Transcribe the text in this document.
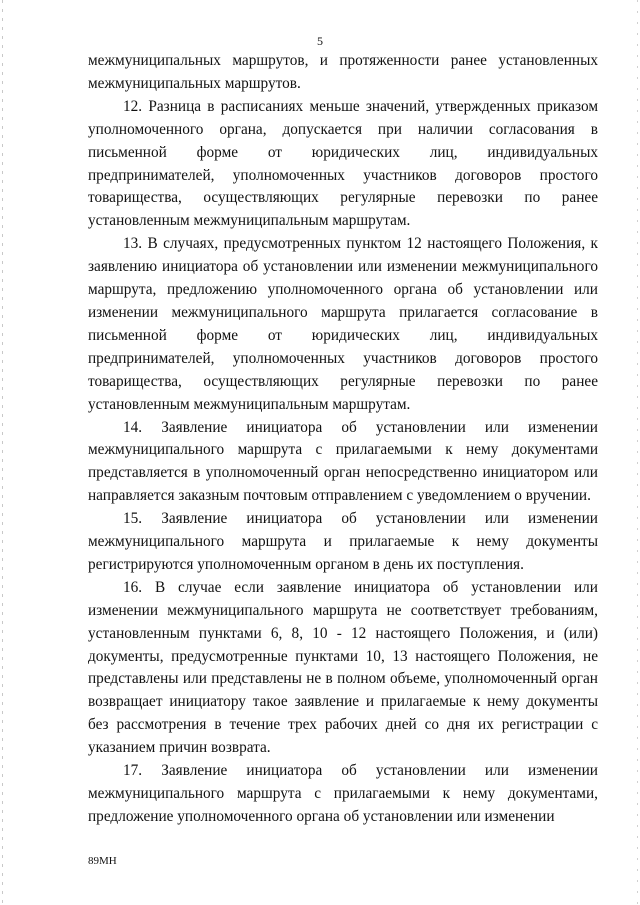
5

межмуниципальных маршрутов, и протяженности ранее установленных межмуниципальных маршрутов.

12. Разница в расписаниях меньше значений, утвержденных приказом уполномоченного органа, допускается при наличии согласования в письменной форме от юридических лиц, индивидуальных предпринимателей, уполномоченных участников договоров простого товарищества, осуществляющих регулярные перевозки по ранее установленным межмуниципальным маршрутам.

13. В случаях, предусмотренных пунктом 12 настоящего Положения, к заявлению инициатора об установлении или изменении межмуниципального маршрута, предложению уполномоченного органа об установлении или изменении межмуниципального маршрута прилагается согласование в письменной форме от юридических лиц, индивидуальных предпринимателей, уполномоченных участников договоров простого товарищества, осуществляющих регулярные перевозки по ранее установленным межмуниципальным маршрутам.

14. Заявление инициатора об установлении или изменении межмуниципального маршрута с прилагаемыми к нему документами представляется в уполномоченный орган непосредственно инициатором или направляется заказным почтовым отправлением с уведомлением о вручении.

15. Заявление инициатора об установлении или изменении межмуниципального маршрута и прилагаемые к нему документы регистрируются уполномоченным органом в день их поступления.

16. В случае если заявление инициатора об установлении или изменении межмуниципального маршрута не соответствует требованиям, установленным пунктами 6, 8, 10 - 12 настоящего Положения, и (или) документы, предусмотренные пунктами 10, 13 настоящего Положения, не представлены или представлены не в полном объеме, уполномоченный орган возвращает инициатору такое заявление и прилагаемые к нему документы без рассмотрения в течение трех рабочих дней со дня их регистрации с указанием причин возврата.

17. Заявление инициатора об установлении или изменении межмуниципального маршрута с прилагаемыми к нему документами, предложение уполномоченного органа об установлении или изменении

89МН
